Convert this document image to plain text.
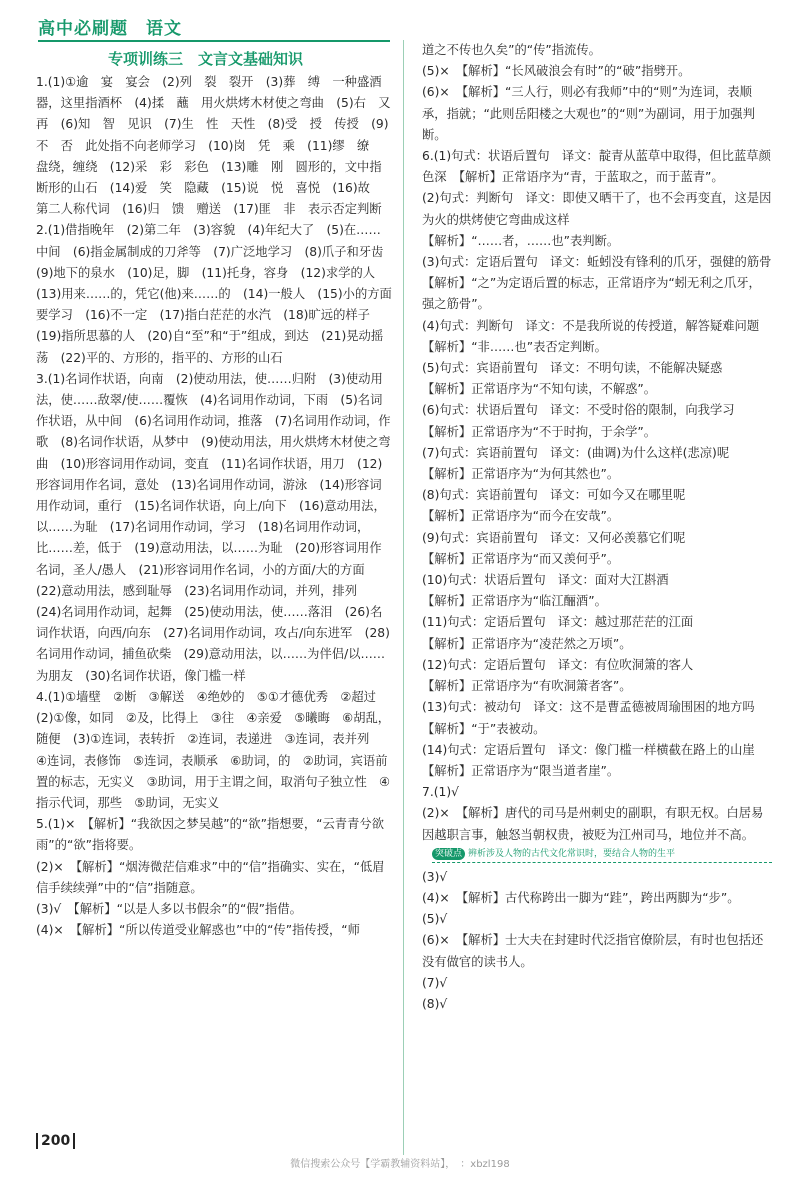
高中必刷题　语文
专项训练三　文言文基础知识

1.(1)①逾　宴　宴会　(2)列　裂　裂开　(3)葬　缚　一种盛酒器，这里指酒杯　(4)揉　蘸　用火烘烤木材使之弯曲　(5)右　又　再　(6)知　智　见识　(7)生　性　天性　(8)受　授　传授　(9)不　否　此处指不向老师学习　(10)岗　凭　乘　(11)缪　缭　盘绕，缠绕　(12)采　彩　彩色　(13)雕　刚　圆形的，文中指断形的山石　(14)爱　笑　隐藏　(15)说　悦　喜悦　(16)故　第二人称代词　(16)归　馈　赠送　(17)匪　非　表示否定判断

2.(1)借指晚年　(2)第二年　(3)容貌　(4)年纪大了　(5)在……中间　(6)指金属制成的刀斧等　(7)广泛地学习　(8)爪子和牙齿　(9)地下的泉水　(10)足，脚　(11)托身，容身　(12)求学的人　(13)用来……的，凭它(他)来……的　(14)一般人　(15)小的方面要学习　(16)不一定　(17)指白茫茫的水汽　(18)旷远的样子　(19)指所思慕的人　(20)自“至”和“于”组成，到达　(21)晃动摇荡　(22)平的、方形的，指平的、方形的山石

3.(1)名词作状语，向南　(2)使动用法，使……归附　(3)使动用法，使……敌翠/使……覆恢　(4)名词用作动词，下雨　(5)名词作状语，从中间　(6)名词用作动词，推落　(7)名词用作动词，作歌　(8)名词作状语，从梦中　(9)使动用法，用火烘烤木材使之弯曲　(10)形容词用作动词，变直　(11)名词作状语，用刀　(12)形容词用作名词，意处　(13)名词用作动词，游泳　(14)形容词用作动词，重行　(15)名词作状语，向上/向下　(16)意动用法，以……为耻　(17)名词用作动词，学习　(18)名词用作动词，比……差，低于　(19)意动用法，以……为耻　(20)形容词用作名词，圣人/愚人　(21)形容词用作名词，小的方面/大的方面　(22)意动用法，感到耻辱　(23)名词用作动词，并列，排列　(24)名词用作动词，起舞　(25)使动用法，使……落泪　(26)名词作状语，向西/向东　(27)名词用作动词，攻占/向东进军　(28)名词用作动词，捕鱼砍柴　(29)意动用法，以……为伴侣/以……为朋友　(30)名词作状语，像门槛一样

4.(1)①墙壁　②断　③解送　④绝妙的　⑤①才德优秀　②超过　(2)①像，如同　②及，比得上　③往　④亲爱　⑤曦晦　⑥胡乱，随便　(3)①连词，表转折　②连词，表递进　③连词，表并列　④连词，表修饰　⑤连词，表顺承　⑥助词，的　②助词，宾语前置的标志，无实义　③助词，用于主谓之间，取消句子独立性　④指示代词，那些　⑤助词，无实义

5.(1)×　【解析】“我欲因之梦吴越”的“欲”指想要，“云青青兮欲雨”的“欲”指将要。

(2)×　【解析】“烟涛微茫信难求”中的“信”指确实、实在，“低眉信手续续弹”中的“信”指随意。

(3)√　【解析】“以是人多以书假余”的“假”指借。

(4)×　【解析】“所以传道受业解惑也”中的“传”指传授，“师

道之不传也久矣”的“传”指流传。

(5)×　【解析】“长风破浪会有时”的“破”指劈开。

(6)×　【解析】“三人行，则必有我师”中的“则”为连词，表顺承，指就；“此则岳阳楼之大观也”的“则”为副词，用于加强判断。

6.(1)句式：状语后置句　译文：靛青从蓝草中取得，但比蓝草颜色深　【解析】正常语序为“青，于蓝取之，而于蓝青”。

(2)句式：判断句　译文：即使又晒干了，也不会再变直，这是因为火的烘烤使它弯曲成这样

【解析】“……者，……也”表判断。

(3)句式：定语后置句　译文：蚯蚓没有锋利的爪牙，强健的筋骨　【解析】“之”为定语后置的标志，正常语序为“蚓无利之爪牙，强之筋骨”。

(4)句式：判断句　译文：不是我所说的传授道，解答疑难问题　【解析】“非……也”表否定判断。

(5)句式：宾语前置句　译文：不明句读，不能解决疑惑

【解析】正常语序为“不知句读，不解惑”。

(6)句式：状语后置句　译文：不受时俗的限制，向我学习

【解析】正常语序为“不于时拘，于余学”。

(7)句式：宾语前置句　译文：(曲调)为什么这样(悲凉)呢

【解析】正常语序为“为何其然也”。

(8)句式：宾语前置句　译文：可如今又在哪里呢

【解析】正常语序为“而今在安哉”。

(9)句式：宾语前置句　译文：又何必羡慕它们呢

【解析】正常语序为“而又羡何乎”。

(10)句式：状语后置句　译文：面对大江斟酒

【解析】正常语序为“临江酾酒”。

(11)句式：定语后置句　译文：越过那茫茫的江面

【解析】正常语序为“凌茫然之万顷”。

(12)句式：定语后置句　译文：有位吹洞箫的客人

【解析】正常语序为“有吹洞箫者客”。

(13)句式：被动句　译文：这不是曹孟德被周瑜围困的地方吗　【解析】“于”表被动。

(14)句式：定语后置句　译文：像门槛一样横截在路上的山崖

【解析】正常语序为“限当道者崖”。

7.(1)√

(2)×　【解析】唐代的司马是州刺史的副职，有职无权。白居易因越职言事，触怒当朝权贵，被贬为江州司马，地位并不高。

突破点 辨析涉及人物的古代文化常识时，要结合人物的生平

(3)√

(4)×　【解析】古代称跨出一脚为“跬”，跨出两脚为“步”。

(5)√

(6)×　【解析】士大夫在封建时代泛指官僚阶层，有时也包括还没有做官的读书人。

(7)√

(8)√

200
微信搜索公众号【学霸教辅资料站】，　：xbzl198
